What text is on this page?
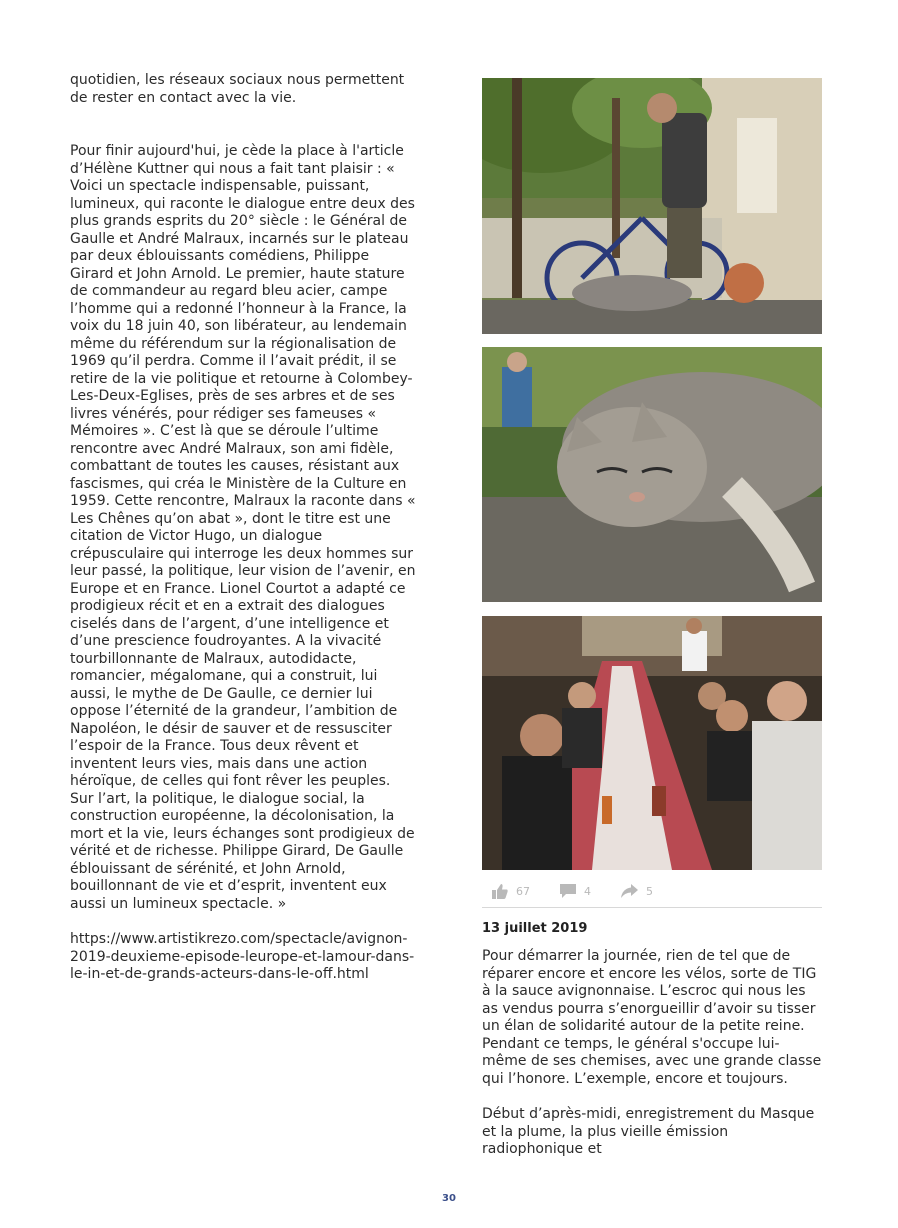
quotidien, les réseaux sociaux nous permettent de rester en contact avec la vie.

Pour finir aujourd'hui, je cède la place à l'article d’Hélène Kuttner qui nous a fait tant plaisir : « Voici un spectacle indispensable, puissant, lumineux, qui raconte le dialogue entre deux des plus grands esprits du 20° siècle : le Général de Gaulle et André Malraux, incarnés sur le plateau par deux éblouissants comédiens, Philippe Girard et John Arnold. Le premier, haute stature de commandeur au regard bleu acier, campe l’homme qui a redonné l’honneur à la France, la voix du 18 juin 40, son libérateur, au lendemain même du référendum sur la régionalisation de 1969 qu’il perdra. Comme il l’avait prédit, il se retire de la vie politique et retourne à Colombey-Les-Deux-Eglises, près de ses arbres et de ses livres vénérés, pour rédiger ses fameuses « Mémoires ». C’est là que se déroule l’ultime rencontre avec André Malraux, son ami fidèle, combattant de toutes les causes, résistant aux fascismes, qui créa le Ministère de la Culture en 1959. Cette rencontre, Malraux la raconte dans « Les Chênes qu’on abat », dont le titre est une citation de Victor Hugo, un dialogue crépusculaire qui interroge les deux hommes sur leur passé, la politique, leur vision de l’avenir, en Europe et en France. Lionel Courtot a adapté ce prodigieux récit et en a extrait des dialogues ciselés dans de l’argent, d’une intelligence et d’une prescience foudroyantes. A la vivacité tourbillonnante de Malraux, autodidacte, romancier, mégalomane, qui a construit, lui aussi, le mythe de De Gaulle, ce dernier lui oppose l’éternité de la grandeur, l’ambition de Napoléon, le désir de sauver et de ressusciter l’espoir de la France. Tous deux rêvent et inventent leurs vies, mais dans une action héroïque, de celles qui font rêver les peuples. Sur l’art, la politique, le dialogue social, la construction européenne, la décolonisation, la mort et la vie, leurs échanges sont prodigieux de vérité et de richesse. Philippe Girard, De Gaulle éblouissant de sérénité, et John Arnold, bouillonnant de vie et d’esprit, inventent eux aussi un lumineux spectacle. »

https://www.artistikrezo.com/spectacle/avignon-2019-deuxieme-episode-leurope-et-lamour-dans-le-in-et-de-grands-acteurs-dans-le-off.html

67	4	5
13 juillet 2019

Pour démarrer la journée, rien de tel que de réparer encore et encore les vélos, sorte de TIG à la sauce avignonnaise. L’escroc qui nous les as vendus pourra s’enorgueillir d’avoir su tisser un élan de solidarité autour de la petite reine. Pendant ce temps, le général s'occupe lui-même de ses chemises, avec une grande classe qui l’honore. L’exemple, encore et toujours.

Début d’après-midi, enregistrement du Masque et la plume, la plus vieille émission radiophonique et

30
